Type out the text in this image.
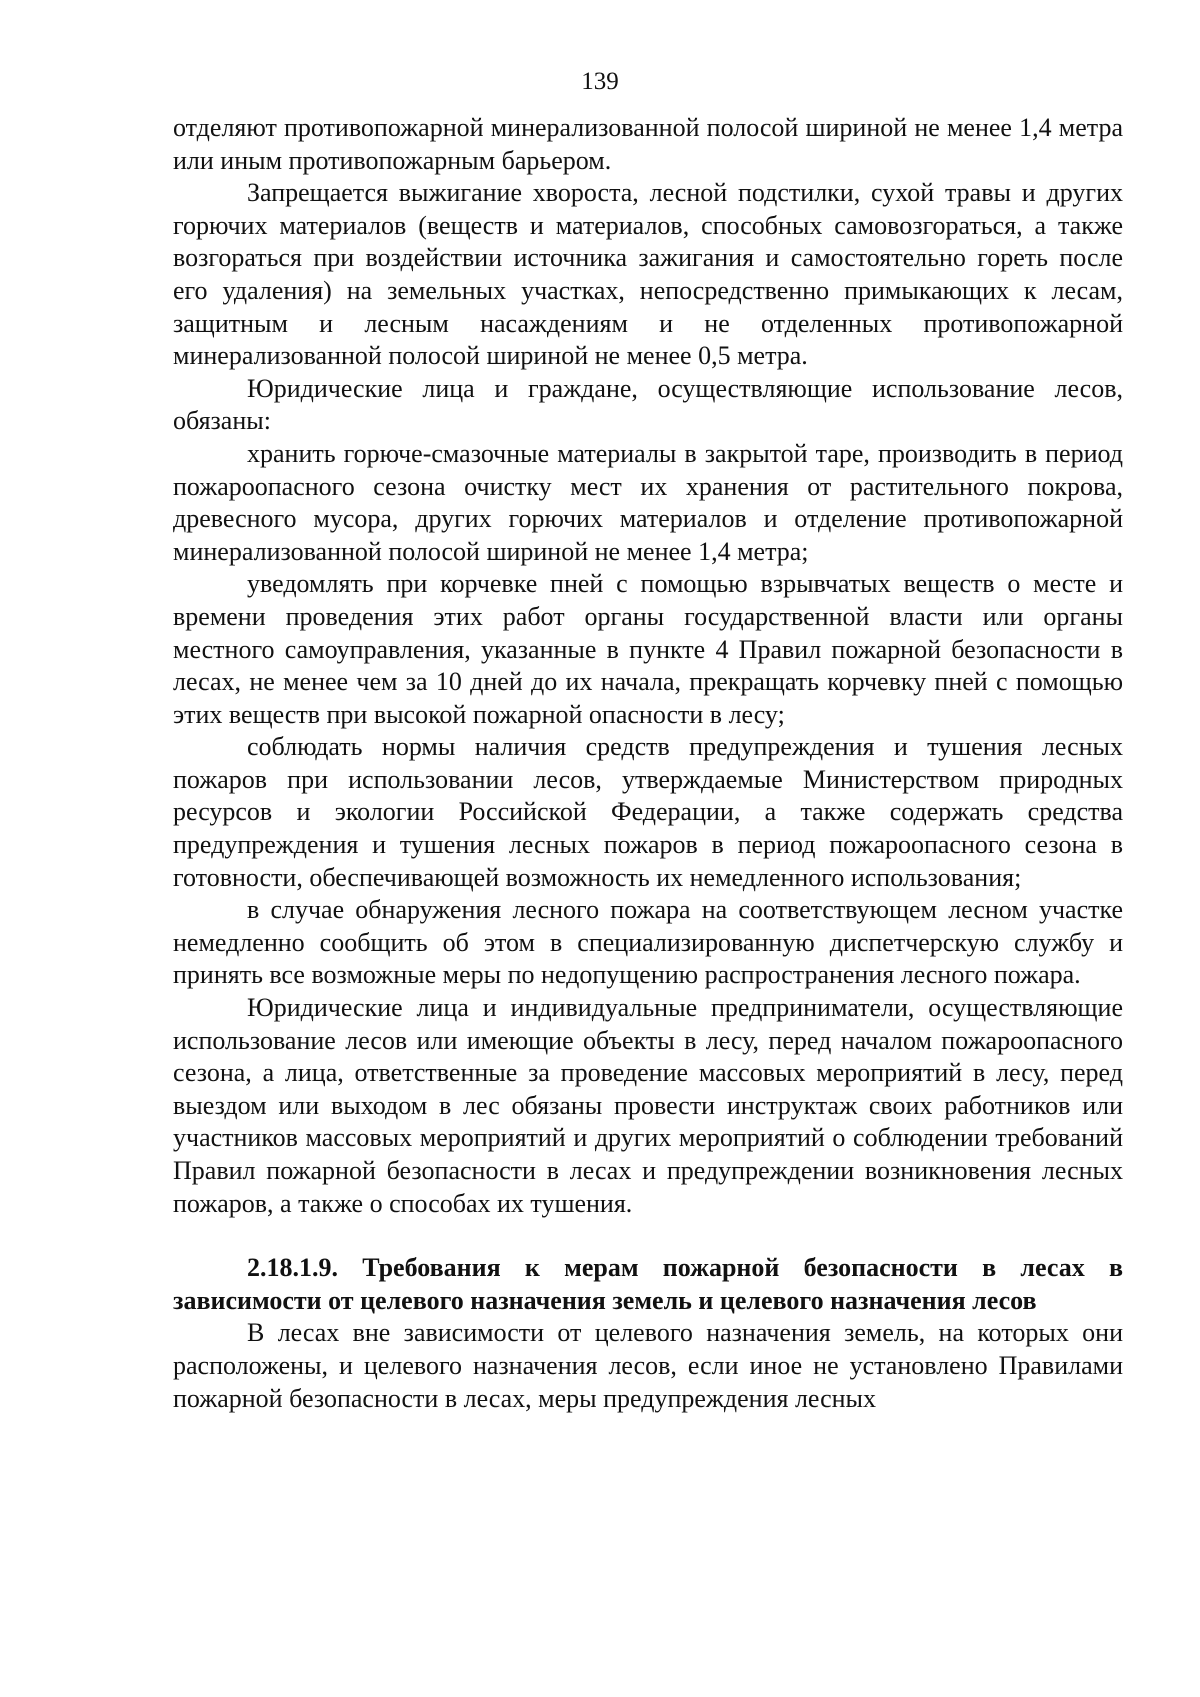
139

отделяют противопожарной минерализованной полосой шириной не менее 1,4 метра или иным противопожарным барьером.

Запрещается выжигание хвороста, лесной подстилки, сухой травы и других горючих материалов (веществ и материалов, способных самовозгораться, а также возгораться при воздействии источника зажигания и самостоятельно гореть после его удаления) на земельных участках, непосредственно примыкающих к лесам, защитным и лесным насаждениям и не отделенных противопожарной минерализованной полосой шириной не менее 0,5 метра.

Юридические лица и граждане, осуществляющие использование лесов, обязаны:

хранить горюче-смазочные материалы в закрытой таре, производить в период пожароопасного сезона очистку мест их хранения от растительного покрова, древесного мусора, других горючих материалов и отделение противопожарной минерализованной полосой шириной не менее 1,4 метра;

уведомлять при корчевке пней с помощью взрывчатых веществ о месте и времени проведения этих работ органы государственной власти или органы местного самоуправления, указанные в пункте 4 Правил пожарной безопасности в лесах, не менее чем за 10 дней до их начала, прекращать корчевку пней с помощью этих веществ при высокой пожарной опасности в лесу;

соблюдать нормы наличия средств предупреждения и тушения лесных пожаров при использовании лесов, утверждаемые Министерством природных ресурсов и экологии Российской Федерации, а также содержать средства предупреждения и тушения лесных пожаров в период пожароопасного сезона в готовности, обеспечивающей возможность их немедленного использования;

в случае обнаружения лесного пожара на соответствующем лесном участке немедленно сообщить об этом в специализированную диспетчерскую службу и принять все возможные меры по недопущению распространения лесного пожара.

Юридические лица и индивидуальные предприниматели, осуществляющие использование лесов или имеющие объекты в лесу, перед началом пожароопасного сезона, а лица, ответственные за проведение массовых мероприятий в лесу, перед выездом или выходом в лес обязаны провести инструктаж своих работников или участников массовых мероприятий и других мероприятий о соблюдении требований Правил пожарной безопасности в лесах и предупреждении возникновения лесных пожаров, а также о способах их тушения.

2.18.1.9. Требования к мерам пожарной безопасности в лесах в зависимости от целевого назначения земель и целевого назначения лесов

В лесах вне зависимости от целевого назначения земель, на которых они расположены, и целевого назначения лесов, если иное не установлено Правилами пожарной безопасности в лесах, меры предупреждения лесных
